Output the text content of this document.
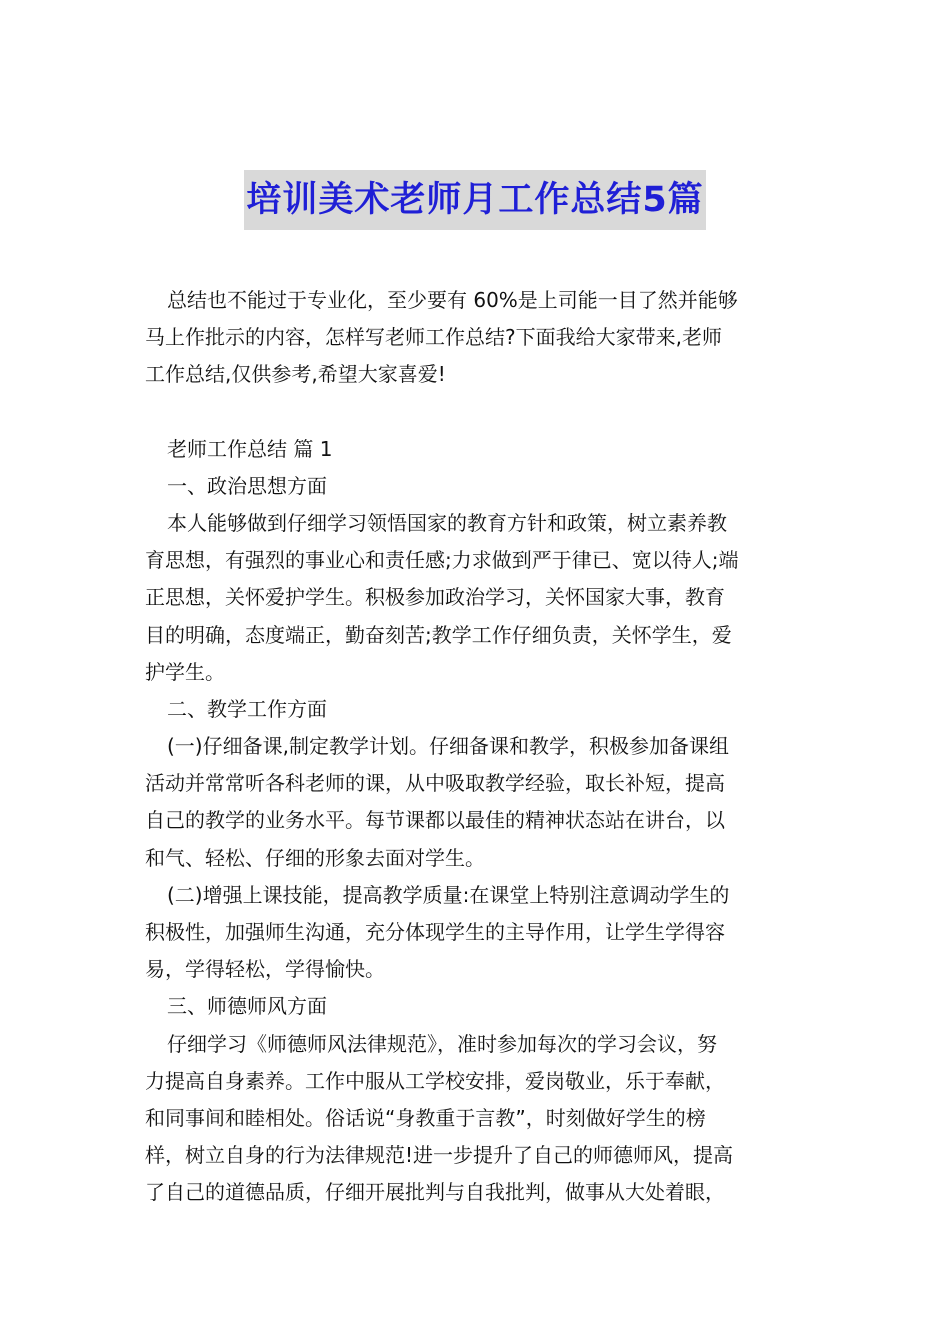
培训美术老师月工作总结5篇
总结也不能过于专业化，至少要有 60%是上司能一目了然并能够
马上作批示的内容，怎样写老师工作总结?下面我给大家带来,老师
工作总结,仅供参考,希望大家喜爱!

老师工作总结 篇 1

一、政治思想方面

本人能够做到仔细学习领悟国家的教育方针和政策，树立素养教
育思想，有强烈的事业心和责任感;力求做到严于律已、宽以待人;端
正思想，关怀爱护学生。积极参加政治学习，关怀国家大事，教育
目的明确，态度端正，勤奋刻苦;教学工作仔细负责，关怀学生，爱
护学生。

二、教学工作方面

(一)仔细备课,制定教学计划。仔细备课和教学，积极参加备课组
活动并常常听各科老师的课，从中吸取教学经验，取长补短，提高
自己的教学的业务水平。每节课都以最佳的精神状态站在讲台，以
和气、轻松、仔细的形象去面对学生。
(二)增强上课技能，提高教学质量:在课堂上特别注意调动学生的
积极性，加强师生沟通，充分体现学生的主导作用，让学生学得容
易，学得轻松，学得愉快。

三、师德师风方面

仔细学习《师德师风法律规范》，准时参加每次的学习会议，努
力提高自身素养。工作中服从工学校安排，爱岗敬业，乐于奉献，
和同事间和睦相处。俗话说“身教重于言教”，时刻做好学生的榜
样，树立自身的行为法律规范!进一步提升了自己的师德师风，提高
了自己的道德品质，仔细开展批判与自我批判，做事从大处着眼，
